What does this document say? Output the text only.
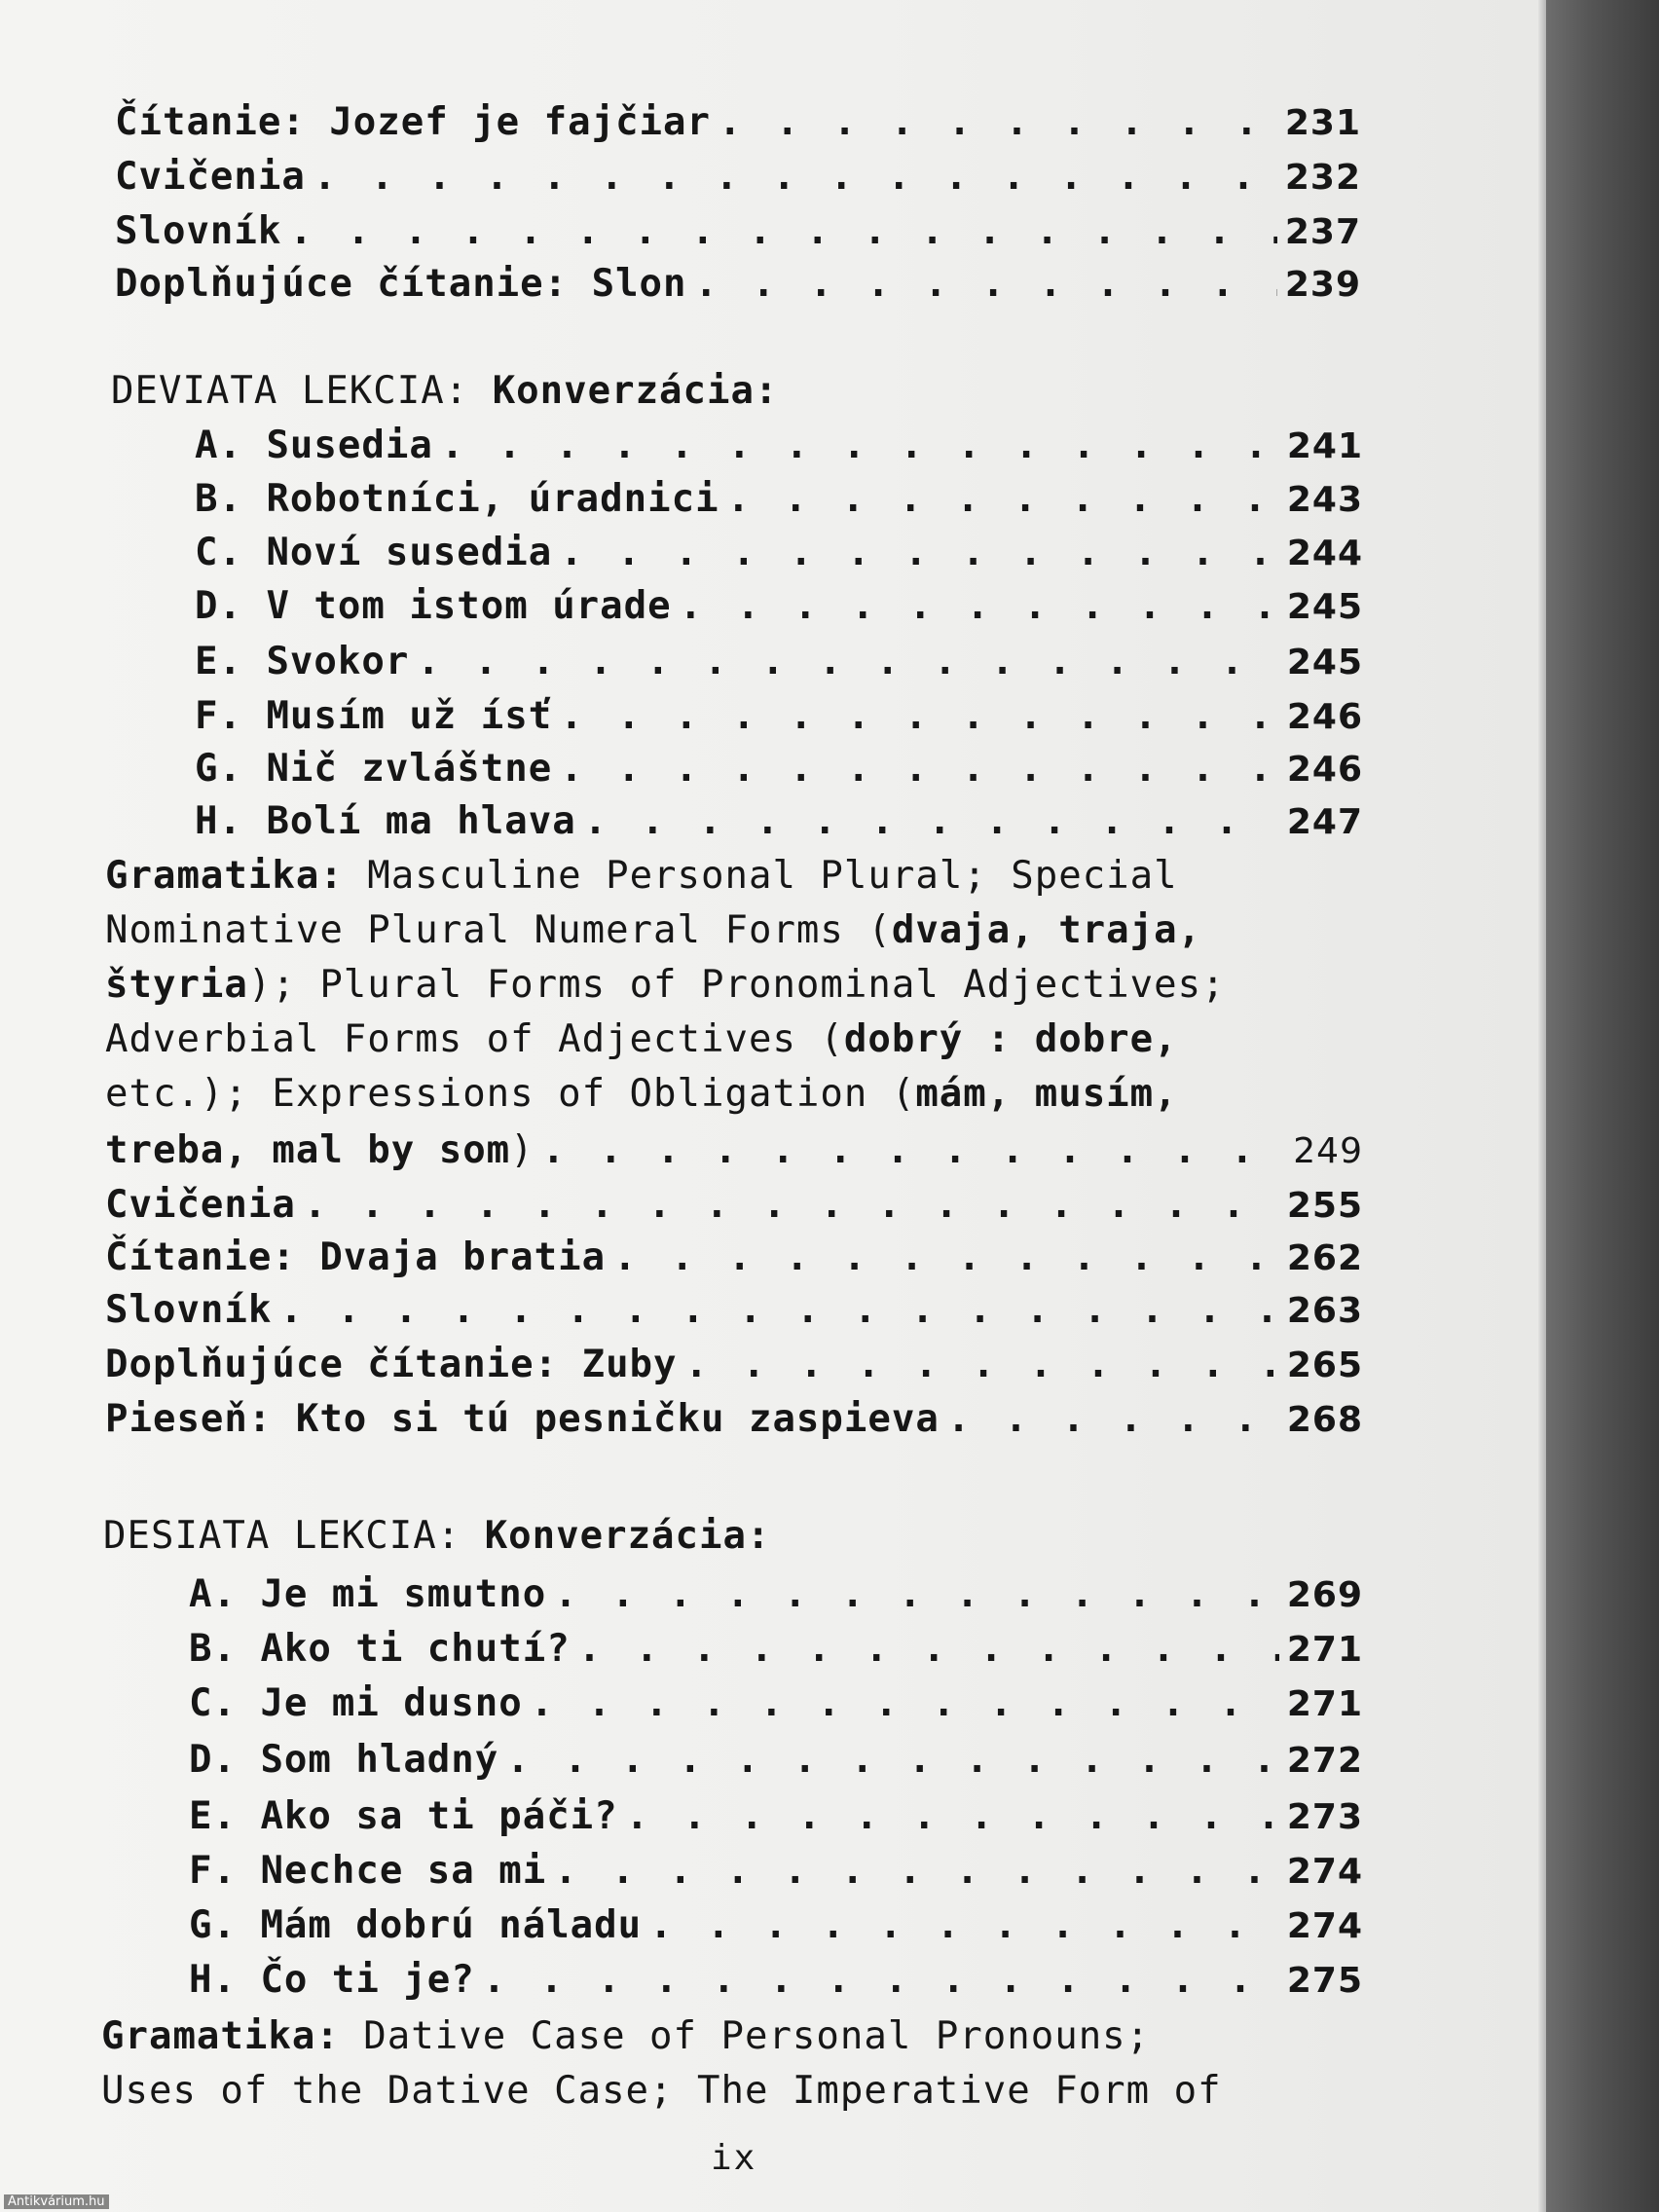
Čítanie: Jozef je fajčiar . . .	231
Cvičenia . . .	232
Slovník . . .	237
Doplňujúce čítanie: Slon . . .	239
DEVIATA LEKCIA: Konverzácia:
A. Susedia . . .	241
B. Robotníci, úradnici . . .	243
C. Noví susedia . . .	244
D. V tom istom úrade . . .	245
E. Svokor . . .	245
F. Musím už ísť . . .	246
G. Nič zvláštne . . .	246
H. Bolí ma hlava . . .	247
Gramatika: Masculine Personal Plural; Special
Nominative Plural Numeral Forms (dvaja, traja,
štyria); Plural Forms of Pronominal Adjectives;
Adverbial Forms of Adjectives (dobrý : dobre,
etc.); Expressions of Obligation (mám, musím,
treba, mal by som) . . .	249
Cvičenia . . .	255
Čítanie: Dvaja bratia . . .	262
Slovník . . .	263
Doplňujúce čítanie: Zuby . . .	265
Pieseň: Kto si tú pesničku zaspieva . . .	268
DESIATA LEKCIA: Konverzácia:
A. Je mi smutno . . .	269
B. Ako ti chutí? . . .	271
C. Je mi dusno . . .	271
D. Som hladný . . .	272
E. Ako sa ti páči? . . .	273
F. Nechce sa mi . . .	274
G. Mám dobrú náladu . . .	274
H. Čo ti je? . . .	275
Gramatika: Dative Case of Personal Pronouns;
Uses of the Dative Case; The Imperative Form of
ix
Antikvárium.hu
